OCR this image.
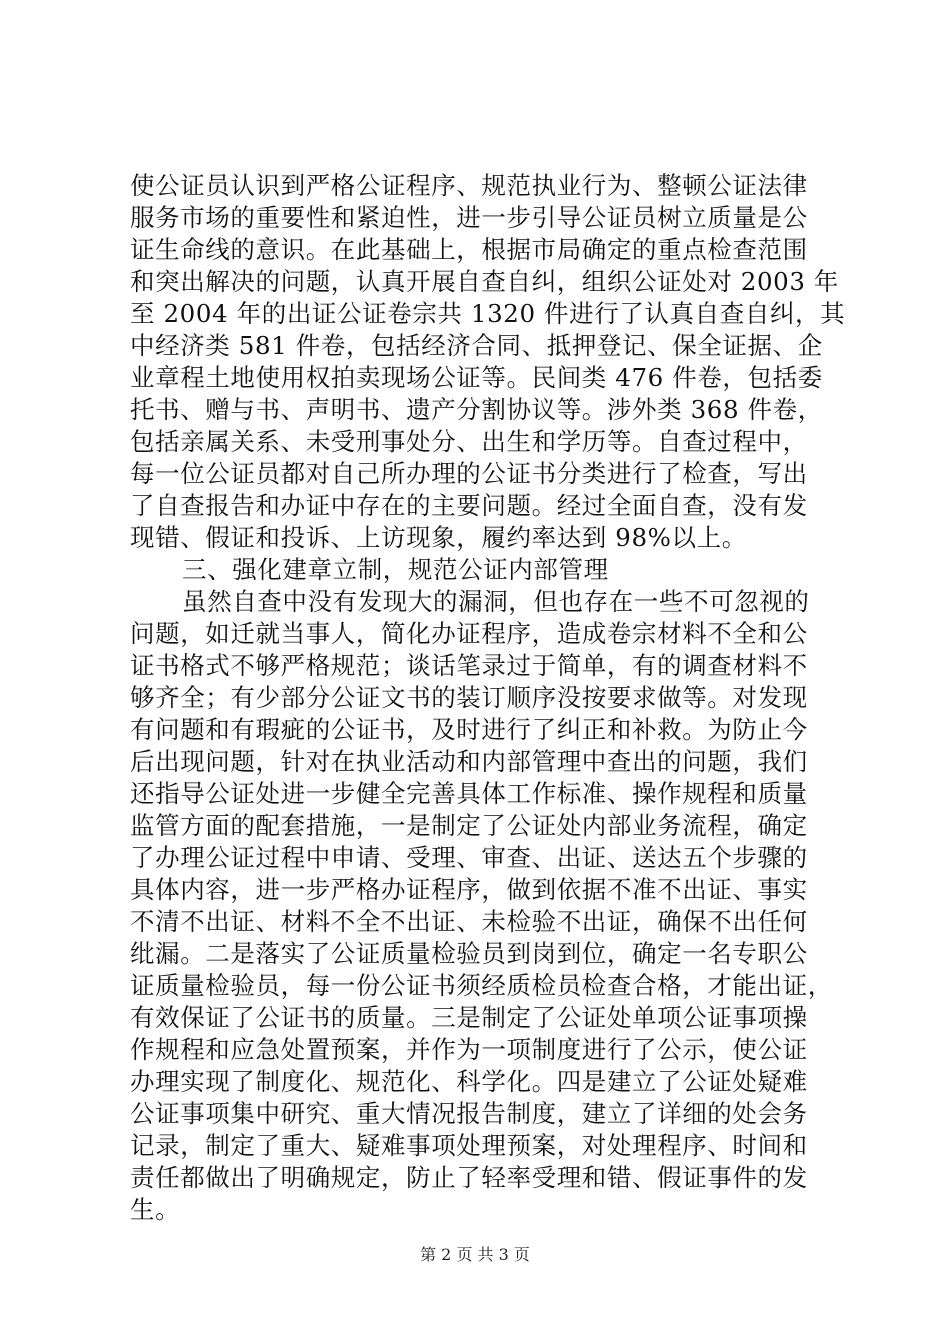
使公证员认识到严格公证程序、规范执业行为、整顿公证法律
服务市场的重要性和紧迫性，进一步引导公证员树立质量是公
证生命线的意识。在此基础上，根据市局确定的重点检查范围
和突出解决的问题，认真开展自查自纠，组织公证处对 2003 年
至 2004 年的出证公证卷宗共 1320 件进行了认真自查自纠，其
中经济类 581 件卷，包括经济合同、抵押登记、保全证据、企
业章程土地使用权拍卖现场公证等。民间类 476 件卷，包括委
托书、赠与书、声明书、遗产分割协议等。涉外类 368 件卷，
包括亲属关系、未受刑事处分、出生和学历等。自查过程中，
每一位公证员都对自己所办理的公证书分类进行了检查，写出
了自查报告和办证中存在的主要问题。经过全面自查，没有发
现错、假证和投诉、上访现象，履约率达到 98%以上。
三、强化建章立制，规范公证内部管理
虽然自查中没有发现大的漏洞，但也存在一些不可忽视的
问题，如迁就当事人，简化办证程序，造成卷宗材料不全和公
证书格式不够严格规范；谈话笔录过于简单，有的调查材料不
够齐全；有少部分公证文书的装订顺序没按要求做等。对发现
有问题和有瑕疵的公证书，及时进行了纠正和补救。为防止今
后出现问题，针对在执业活动和内部管理中查出的问题，我们
还指导公证处进一步健全完善具体工作标准、操作规程和质量
监管方面的配套措施，一是制定了公证处内部业务流程，确定
了办理公证过程中申请、受理、审查、出证、送达五个步骤的
具体内容，进一步严格办证程序，做到依据不准不出证、事实
不清不出证、材料不全不出证、未检验不出证，确保不出任何
纰漏。二是落实了公证质量检验员到岗到位，确定一名专职公
证质量检验员，每一份公证书须经质检员检查合格，才能出证，
有效保证了公证书的质量。三是制定了公证处单项公证事项操
作规程和应急处置预案，并作为一项制度进行了公示，使公证
办理实现了制度化、规范化、科学化。四是建立了公证处疑难
公证事项集中研究、重大情况报告制度，建立了详细的处会务
记录，制定了重大、疑难事项处理预案，对处理程序、时间和
责任都做出了明确规定，防止了轻率受理和错、假证事件的发
生。
第 2 页 共 3 页
